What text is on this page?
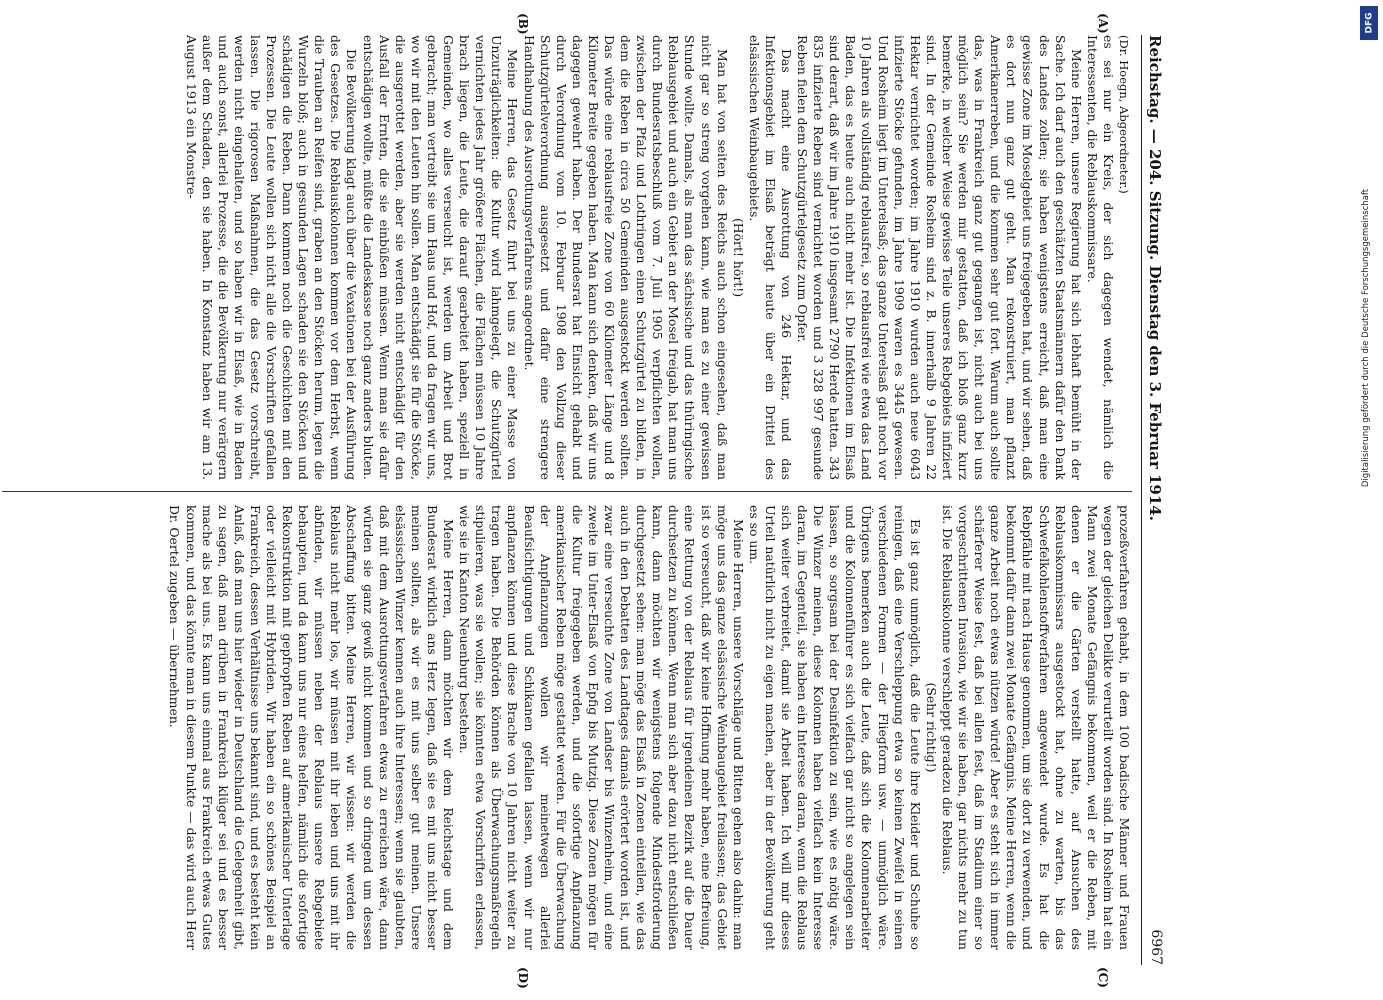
Reichstag. — 204. Sitzung. Dienstag den 3. Februar 1914.
6967
(A)
(B)
(C)
(D)

(Dr. Hoegn, Abgeordneter.)

es sei nur ein Kreis, der sich dagegen wendet, nämlich die Interessenten, die Reblauskommissare.

Meine Herren, unsere Regierung hat sich lebhaft bemüht in der Sache. Ich darf auch den geschätzten Staatsmännern dafür den Dank des Landes zollen; sie haben wenigstens erreicht, daß man eine gewisse Zone im Moselgebiet uns freigegeben hat, und wir sehen, daß es dort nun ganz gut geht. Man rekonstruiert, man pflanzt Amerikanerreben, und die kommen sehr gut fort. Warum auch sollte das, was in Frankreich ganz gut gegangen ist, nicht auch bei uns möglich sein? Sie werden mir gestatten, daß ich bloß ganz kurz bemerke, in welcher Weise gewisse Teile unseres Rebgebiets infiziert sind. In der Gemeinde Rosheim sind z. B. innerhalb 9 Jahren 22 Hektar vernichtet worden; im Jahre 1910 wurden auch neue 6043 infizierte Stöcke gefunden, im Jahre 1909 waren es 3445 gewesen. Und Rosheim liegt im Unterelsaß; das ganze Unterelsaß galt noch vor 10 Jahren als vollständig reblausfrei, so reblausfrei wie etwa das Land Baden, das es heute auch nicht mehr ist. Die Infektionen im Elsaß sind derart, daß wir im Jahre 1910 insgesamt 2790 Herde hatten. 343 835 infizierte Reben sind vernichtet worden und 3 328 997 gesunde Reben fielen dem Schutzgürtelgesetz zum Opfer.

Das macht eine Ausrottung von 246 Hektar, und das Infektionsgebiet im Elsaß beträgt heute über ein Drittel des elsässischen Weinbaugebiets.

(Hört! hört!)

Man hat von seiten des Reichs auch schon eingesehen, daß man nicht gar so streng vorgehen kann, wie man es zu einer gewissen Stunde wollte. Damals, als man das sächsische und das thüringische Reblausgebiet und auch ein Gebiet an der Mosel freigab, hat man uns durch Bundesratsbeschluß vom 7. Juli 1905 verpflichten wollen, zwischen der Pfalz und Lothringen einen Schutzgürtel zu bilden, in dem die Reben in circa 50 Gemeinden ausgestockt werden sollten. Das würde eine reblausfreie Zone von 60 Kilometer Länge und 8 Kilometer Breite gegeben haben. Man kann sich denken, daß wir uns dagegen gewehrt haben. Der Bundesrat hat Einsicht gehabt und durch Verordnung vom 10. Februar 1908 den Vollzug dieser Schutzgürtelverordnung ausgesetzt und dafür eine strengere Handhabung des Ausrottungsverfahrens angeordnet.

Meine Herren, das Gesetz führt bei uns zu einer Masse von Unzuträglichkeiten: die Kultur wird lahmgelegt, die Schutzgürtel vernichten jedes Jahr größere Flächen, die Flächen müssen 10 Jahre brach liegen, die Leute, die darauf gearbeitet haben, speziell in Gemeinden, wo alles verseucht ist, werden um Arbeit und Brot gebracht; man vertreibt sie um Haus und Hof, und da fragen wir uns, wo wir mit den Leuten hin sollen. Man entschädigt sie für die Stöcke, die ausgerottet werden, aber sie werden nicht entschädigt für den Ausfall der Ernten, die sie einbüßen müssen. Wenn man sie dafür entschädigen wollte, müßte die Landeskasse noch ganz anders bluten.

Die Bevölkerung klagt auch über die Vexationen bei der Ausführung des Gesetzes. Die Reblauskolonnen kommen vor dem Herbst, wenn die Trauben an Reifen sind, graben an den Stöcken herum, legen die Wurzeln bloß; auch in gesunden Lagen schaden sie den Stöcken und schädigen die Reben. Dann kommen noch die Geschichten mit den Prozessen. Die Leute wollen sich nicht alle die Vorschriften gefallen lassen. Die rigorosen Maßnahmen, die das Gesetz vorschreibt, werden nicht eingehalten, und so haben wir in Elsaß, wie in Baden und auch sonst, allerlei Prozesse, die die Bevölkerung nur verärgern außer dem Schaden, den sie haben. In Konstanz haben wir am 13. August 1913 ein Monstre-

prozeßverfahren gehabt, in dem 100 badische Männer und Frauen wegen der gleichen Delikte verurteilt worden sind. In Rosheim hat ein Mann zwei Monate Gefängnis bekommen, weil er die Reben, mit denen er die Gärten verstellt hatte, auf Ansuchen des Reblauskommissars ausgestockt hat, ohne zu warten, bis das Schwefelkohlenstoffverfahren angewendet wurde. Es hat die Rebpfähle mit nach Hause genommen, um sie dort zu verwenden, und bekommt dafür dann zwei Monate Gefängnis. Meine Herren, wenn die ganze Arbeit noch etwas nützen würde! Aber es steht sich in immer schärferer Weise fest, daß bei allen fest, daß im Stadium einer so vorgeschrittenen Invasion, wie wir sie haben, gar nichts mehr zu tun ist. Die Reblauskolonne verschleppt geradezu die Reblaus.

(Sehr richtig!)

Es ist ganz unmöglich, daß die Leute ihre Kleider und Schuhe so reinigen, daß eine Verschleppung etwa so keinen Zweifel in seinen verschiedenen Formen — der Fliegform usw. — unmöglich wäre. Übrigens bemerken auch die Leute, daß sich die Kolonnenarbeiter und die Kolonnenführer es sich vielfach gar nicht so angelegen sein lassen, so sorgsam bei der Desinfektion zu sein, wie es nötig wäre. Die Winzer meinen, diese Kolonnen haben vielfach kein Interesse daran, im Gegenteil, sie haben ein Interesse daran, wenn die Reblaus sich weiter verbreitet, damit sie Arbeit haben. Ich will mir dieses Urteil natürlich nicht zu eigen machen, aber in der Bevölkerung geht es so um.

Meine Herren, unsere Vorschläge und Bitten gehen also dahin: man möge uns das ganze elsässische Weinbaugebiet freilassen; das Gebiet ist so verseucht, daß wir keine Hoffnung mehr haben, eine Befreiung, eine Rettung von der Reblaus für irgendeinen Bezirk auf die Dauer durchsetzen zu können. Wenn man sich aber dazu nicht entschließen kann, dann möchten wir wenigstens folgende Mindestforderung durchgesetzt sehen: man möge das Elsaß in Zonen einteilen, wie das auch in den Debatten des Landtages damals erörtert worden ist, und zwar eine verseuchte Zone von Landser bis Winzenheim, und eine zweite im Unter-Elsaß von Epfig bis Mutzig. Diese Zonen mögen für die Kultur freigegeben werden, und die sofortige Anpflanzung amerikanischer Reben möge gestattet werden. Für die Überwachung der Anpflanzungen wollen wir meinetwegen allerlei Beaufsichtigungen und Schikanen gefallen lassen, wenn wir nur anpflanzen können und diese Brache von 10 Jahren nicht weiter zu tragen haben. Die Behörden können als Überwachungsmaßregeln stipulieren, was sie wollen; sie könnten etwa Vorschriften erlassen, wie sie in Kanton Neuenburg bestehen.

Meine Herren, dann möchten wir dem Reichstage und dem Bundesrat wirklich ans Herz legen, daß sie es mit uns nicht besser meinen sollten, als wir es mit uns selber gut meinen. Unsere elsässischen Winzer kennen auch ihre Interessen; wenn sie glaubten, daß mit dem Ausrottungsverfahren etwas zu erreichen wäre, dann würden sie ganz gewiß nicht kommen und so dringend um dessen Abschaffung bitten. Meine Herren, wir wissen: wir werden die Reblaus nicht mehr los, wir müssen mit ihr leben und uns mit ihr abfinden, wir müssen neben der Reblaus unsere Rebgebiete behaupten, und da kann uns nur eines helfen, nämlich die sofortige Rekonstruktion mit gepfropften Reben auf amerikanischer Unterlage oder vielleicht mit Hybriden. Wir haben ein so schönes Beispiel an Frankreich, dessen Verhältnisse uns bekannt sind, und es besteht kein Anlaß, daß man uns hier wieder in Deutschland die Gelegenheit gibt, zu sagen, daß man drüben in Frankreich klüger sei und es besser mache als bei uns. Es kann uns einmal aus Frankreich etwas Gutes kommen, und das könnte man in diesem Punkte — das wird auch Herr Dr. Oertel zugeben — übernehmen.

DFG
Digitalisierung gefördert durch die Deutsche Forschungsgemeinschaft
